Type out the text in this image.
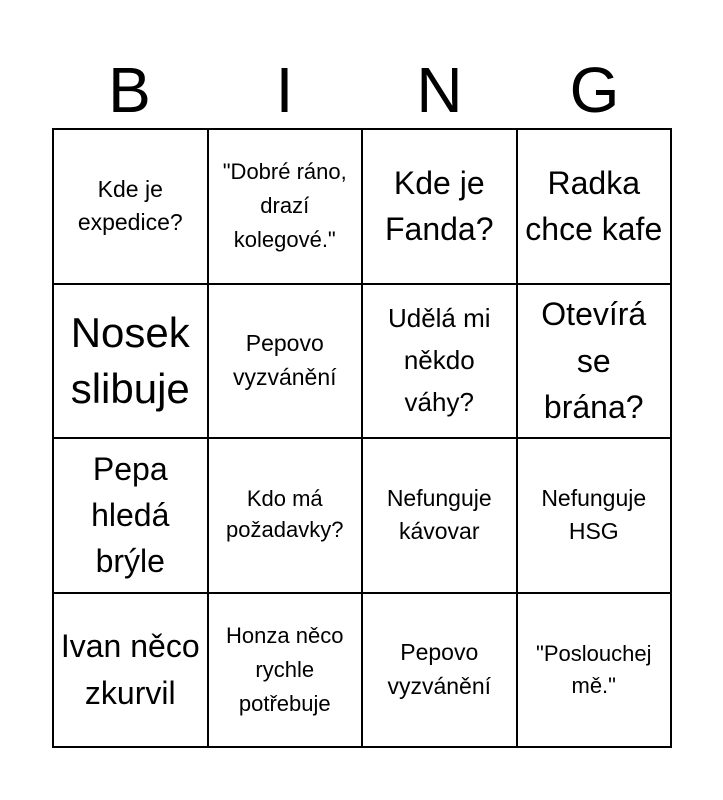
B	I	N	G
Kde je expedice?
"Dobré ráno, drazí kolegové."
Kde je Fanda?
Radka chce kafe
Nosek slibuje
Pepovo vyzvánění
Udělá mi někdo váhy?
Otevírá se brána?
Pepa hledá brýle
Kdo má požadavky?
Nefunguje kávovar
Nefunguje HSG
Ivan něco zkurvil
Honza něco rychle potřebuje
Pepovo vyzvánění
"Poslouchej mě."
